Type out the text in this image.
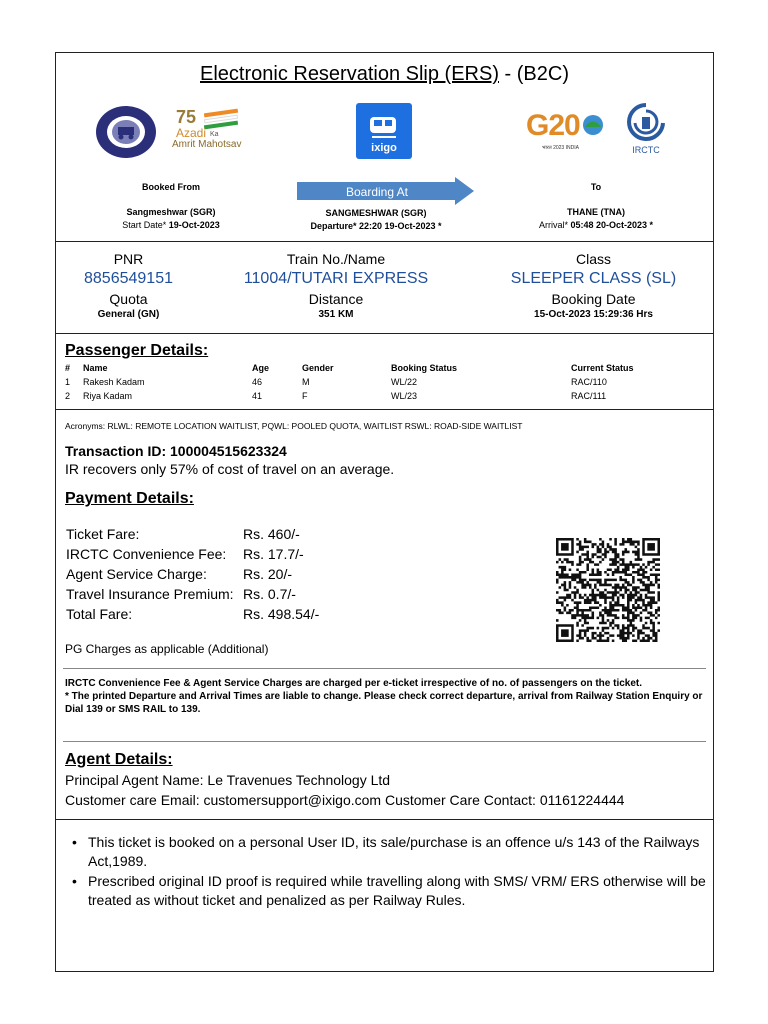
Electronic Reservation Slip (ERS) - (B2C)
75
Azadi Ka
Amrit Mahotsav	ixigo
G20
भारत 2023 INDIA	IRCTC
Booked From
Sangmeshwar (SGR)
Start Date* 19-Oct-2023
Boarding At
SANGMESHWAR (SGR)
Departure* 22:20 19-Oct-2023 *
To
THANE (TNA)
Arrival* 05:48 20-Oct-2023 *
PNR
8856549151
Quota
General (GN)
Train No./Name
11004/TUTARI EXPRESS
Distance
351 KM
Class
SLEEPER CLASS (SL)
Booking Date
15-Oct-2023 15:29:36 Hrs
Passenger Details:
# Name	Age	Gender	Booking Status	Current Status
1 Rakesh Kadam	46	M	WL/22	RAC/110
2 Riya Kadam	41	F	WL/23	RAC/111
Acronyms: RLWL: REMOTE LOCATION WAITLIST, PQWL: POOLED QUOTA, WAITLIST RSWL: ROAD-SIDE WAITLIST
Transaction ID: 100004515623324
IR recovers only 57% of cost of travel on an average.
Payment Details:
Ticket Fare:	Rs. 460/-
IRCTC Convenience Fee: Rs. 17.7/-
Agent Service Charge:	Rs. 20/-
Travel Insurance Premium: Rs. 0.7/-
Total Fare:	Rs. 498.54/-
PG Charges as applicable (Additional)
IRCTC Convenience Fee & Agent Service Charges are charged per e-ticket irrespective of no. of passengers on the ticket.
* The printed Departure and Arrival Times are liable to change. Please check correct departure, arrival from Railway Station Enquiry or Dial 139 or SMS RAIL to 139.
Agent Details:
Principal Agent Name: Le Travenues Technology Ltd
Customer care Email: customersupport@ixigo.com Customer Care Contact: 01161224444
• This ticket is booked on a personal User ID, its sale/purchase is an offence u/s 143 of the Railways Act,1989.
• Prescribed original ID proof is required while travelling along with SMS/ VRM/ ERS otherwise will be treated as without ticket and penalized as per Railway Rules.
